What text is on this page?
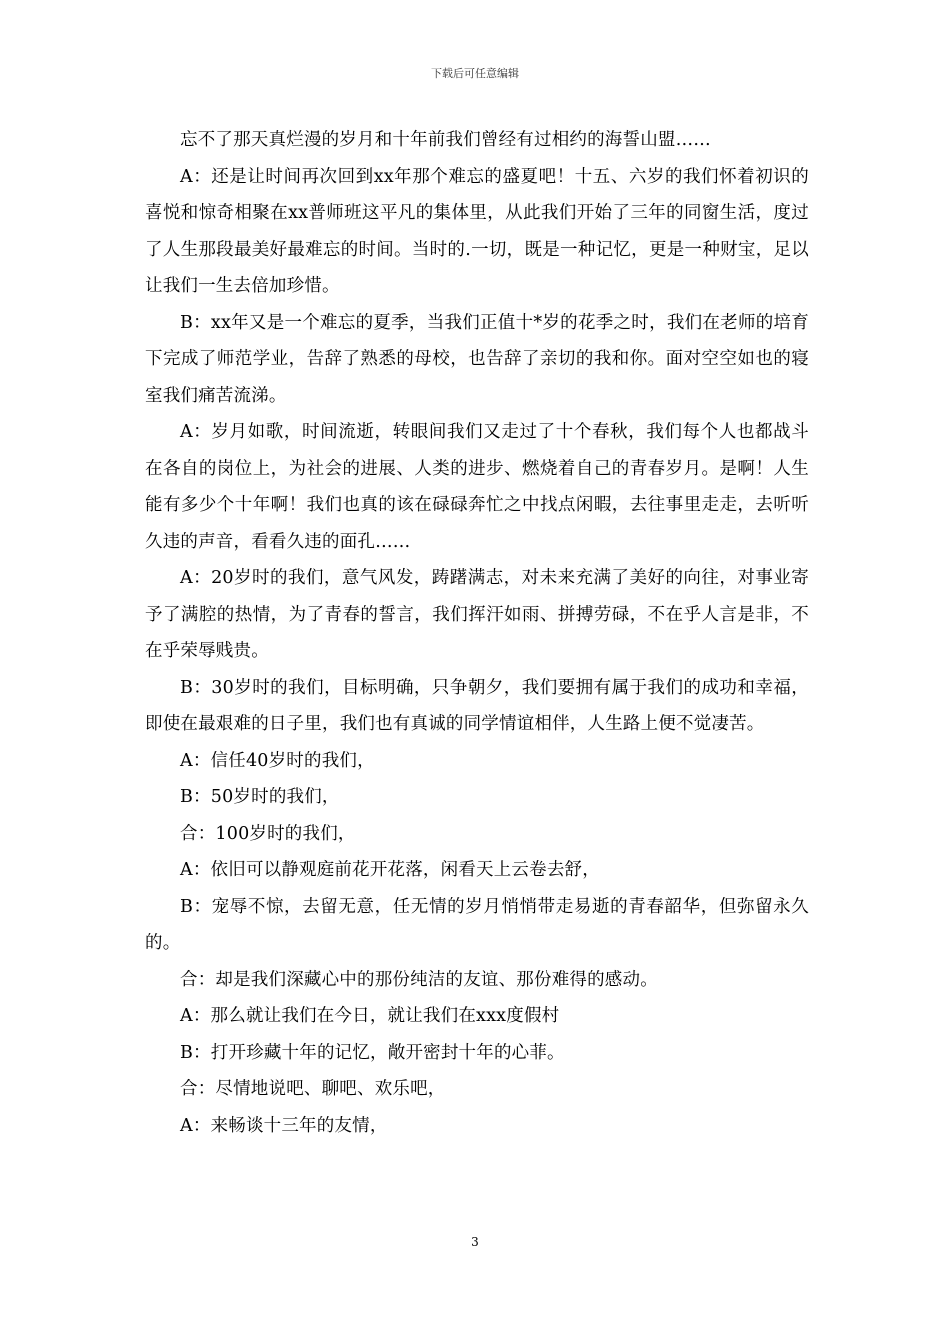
下载后可任意编辑

忘不了那天真烂漫的岁月和十年前我们曾经有过相约的海誓山盟……

A：还是让时间再次回到xx年那个难忘的盛夏吧！十五、六岁的我们怀着初识的喜悦和惊奇相聚在xx普师班这平凡的集体里，从此我们开始了三年的同窗生活，度过了人生那段最美好最难忘的时间。当时的.一切，既是一种记忆，更是一种财宝，足以让我们一生去倍加珍惜。

B：xx年又是一个难忘的夏季，当我们正值十*岁的花季之时，我们在老师的培育下完成了师范学业，告辞了熟悉的母校，也告辞了亲切的我和你。面对空空如也的寝室我们痛苦流涕。

A：岁月如歌，时间流逝，转眼间我们又走过了十个春秋，我们每个人也都战斗在各自的岗位上，为社会的进展、人类的进步、燃烧着自己的青春岁月。是啊！人生能有多少个十年啊！我们也真的该在碌碌奔忙之中找点闲暇，去往事里走走，去听听久违的声音，看看久违的面孔……

A：20岁时的我们，意气风发，踌躇满志，对未来充满了美好的向往，对事业寄予了满腔的热情，为了青春的誓言，我们挥汗如雨、拼搏劳碌，不在乎人言是非，不在乎荣辱贱贵。

B：30岁时的我们，目标明确，只争朝夕，我们要拥有属于我们的成功和幸福，即使在最艰难的日子里，我们也有真诚的同学情谊相伴，人生路上便不觉凄苦。

A：信任40岁时的我们，

B：50岁时的我们，

合：100岁时的我们，

A：依旧可以静观庭前花开花落，闲看天上云卷去舒，

B：宠辱不惊，去留无意，任无情的岁月悄悄带走易逝的青春韶华，但弥留永久的。

合：却是我们深藏心中的那份纯洁的友谊、那份难得的感动。

A：那么就让我们在今日，就让我们在xxx度假村

B：打开珍藏十年的记忆，敞开密封十年的心菲。

合：尽情地说吧、聊吧、欢乐吧，

A：来畅谈十三年的友情，

3
